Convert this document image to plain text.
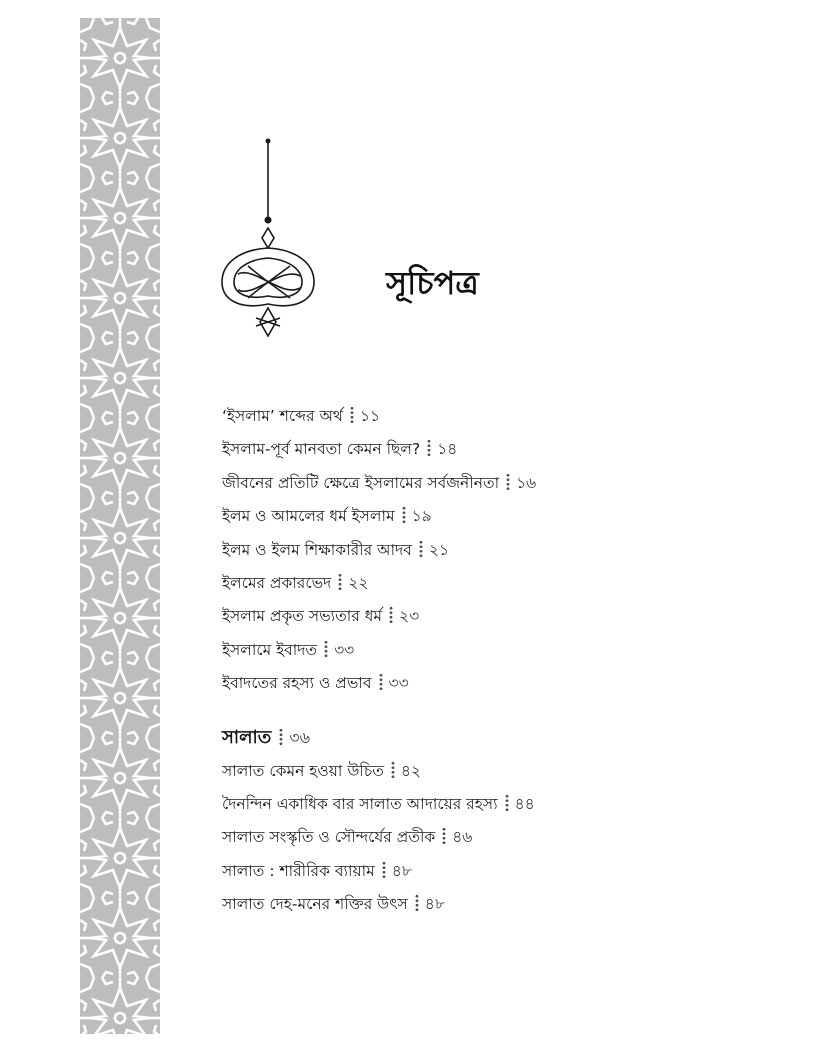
সূচিপত্র
‘ইসলাম’ শব্দের অর্থ ১১
ইসলাম-পূর্ব মানবতা কেমন ছিল? ১৪
জীবনের প্রতিটি ক্ষেত্রে ইসলামের সর্বজনীনতা ১৬
ইলম ও আমলের ধর্ম ইসলাম ১৯
ইলম ও ইলম শিক্ষাকারীর আদব ২১
ইলমের প্রকারভেদ ২২
ইসলাম প্রকৃত সভ্যতার ধর্ম ২৩
ইসলামে ইবাদত ৩৩
ইবাদতের রহস্য ও প্রভাব ৩৩
সালাত ৩৬
সালাত কেমন হওয়া উচিত ৪২
দৈনন্দিন একাধিক বার সালাত আদায়ের রহস্য ৪৪
সালাত সংস্কৃতি ও সৌন্দর্যের প্রতীক ৪৬
সালাত : শারীরিক ব্যায়াম ৪৮
সালাত দেহ-মনের শক্তির উৎস ৪৮
